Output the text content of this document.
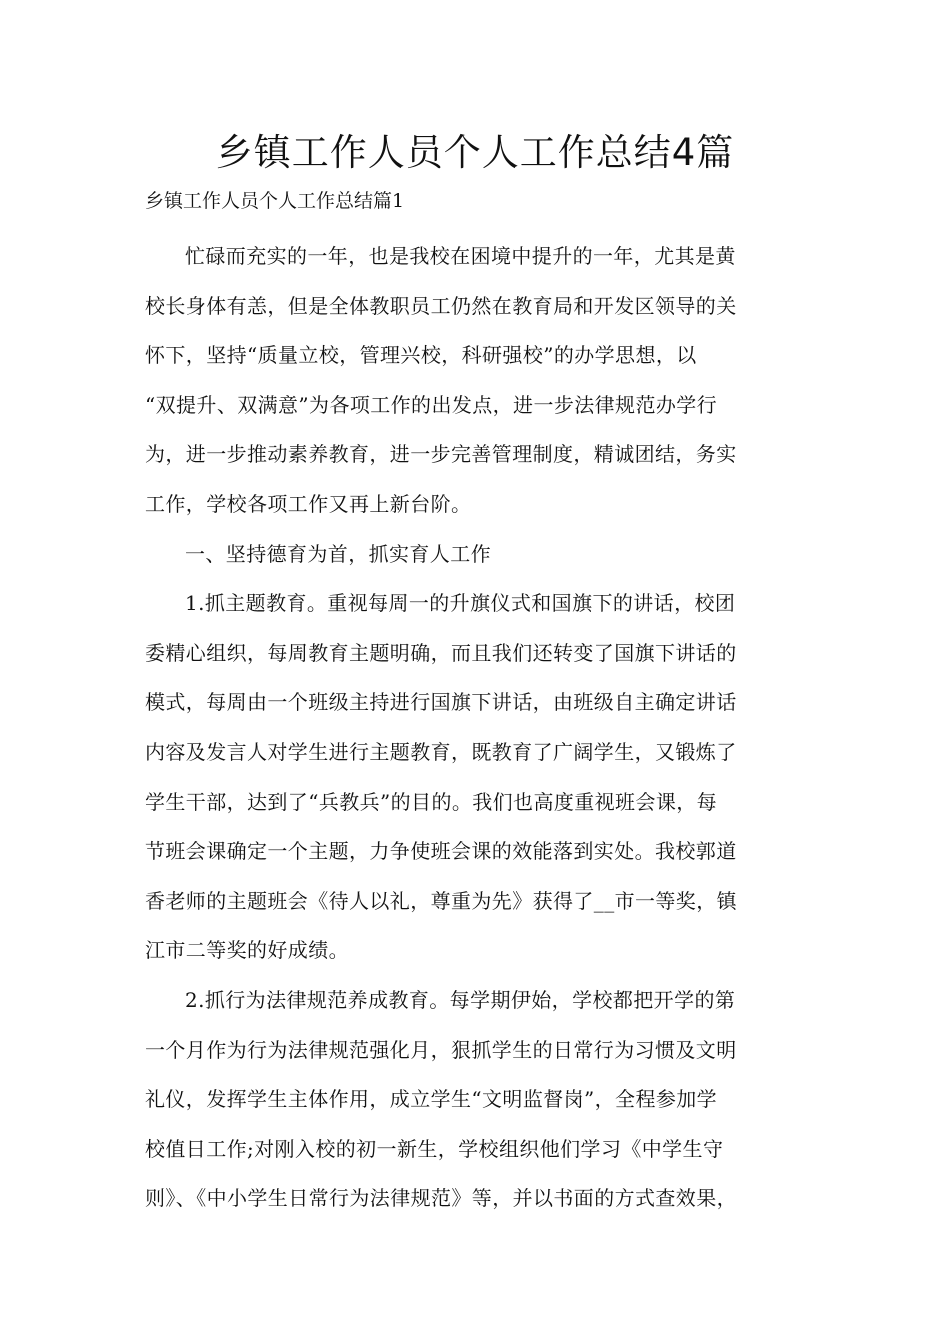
乡镇工作人员个人工作总结4篇
乡镇工作人员个人工作总结篇1

忙碌而充实的一年，也是我校在困境中提升的一年，尤其是黄
校长身体有恙，但是全体教职员工仍然在教育局和开发区领导的关
怀下，坚持“质量立校，管理兴校，科研强校”的办学思想，以
“双提升、双满意”为各项工作的出发点，进一步法律规范办学行
为，进一步推动素养教育，进一步完善管理制度，精诚团结，务实
工作，学校各项工作又再上新台阶。

一、坚持德育为首，抓实育人工作

1.抓主题教育。重视每周一的升旗仪式和国旗下的讲话，校团
委精心组织，每周教育主题明确，而且我们还转变了国旗下讲话的
模式，每周由一个班级主持进行国旗下讲话，由班级自主确定讲话
内容及发言人对学生进行主题教育，既教育了广阔学生，又锻炼了
学生干部，达到了“兵教兵”的目的。我们也高度重视班会课，每
节班会课确定一个主题，力争使班会课的效能落到实处。我校郭道
香老师的主题班会《待人以礼，尊重为先》获得了__市一等奖，镇
江市二等奖的好成绩。

2.抓行为法律规范养成教育。每学期伊始，学校都把开学的第
一个月作为行为法律规范强化月，狠抓学生的日常行为习惯及文明
礼仪，发挥学生主体作用，成立学生“文明监督岗”，全程参加学
校值日工作;对刚入校的初一新生，学校组织他们学习《中学生守
则》、《中小学生日常行为法律规范》等，并以书面的方式查效果，
